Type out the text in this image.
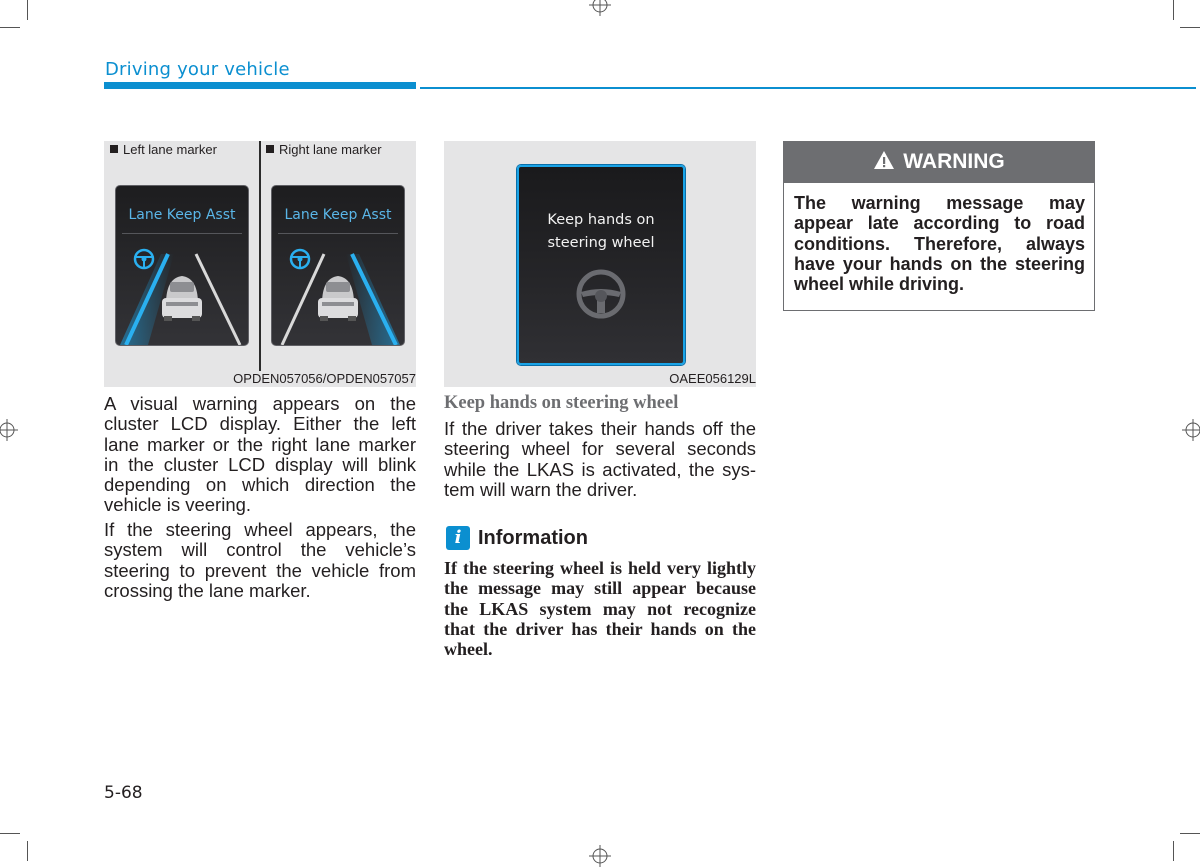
Driving your vehicle
Left lane marker	Right lane marker
Lane Keep Asst	Lane Keep Asst
OPDEN057056/OPDEN057057
Keep hands on
steering wheel
OAEE056129L

A visual warning appears on the cluster LCD display. Either the left lane marker or the right lane marker in the cluster LCD display will blink depending on which direction the vehicle is veering.

If the steering wheel appears, the system will control the vehicle’s steering to prevent the vehicle from crossing the lane marker.

Keep hands on steering wheel

If the driver takes their hands off the steering wheel for several seconds while the LKAS is activated, the system will warn the driver.

i Information

If the steering wheel is held very lightly the message may still appear because the LKAS system may not recognize that the driver has their hands on the wheel.

WARNING

The warning message may appear late according to road conditions. Therefore, always have your hands on the steering wheel while driving.

5-68
